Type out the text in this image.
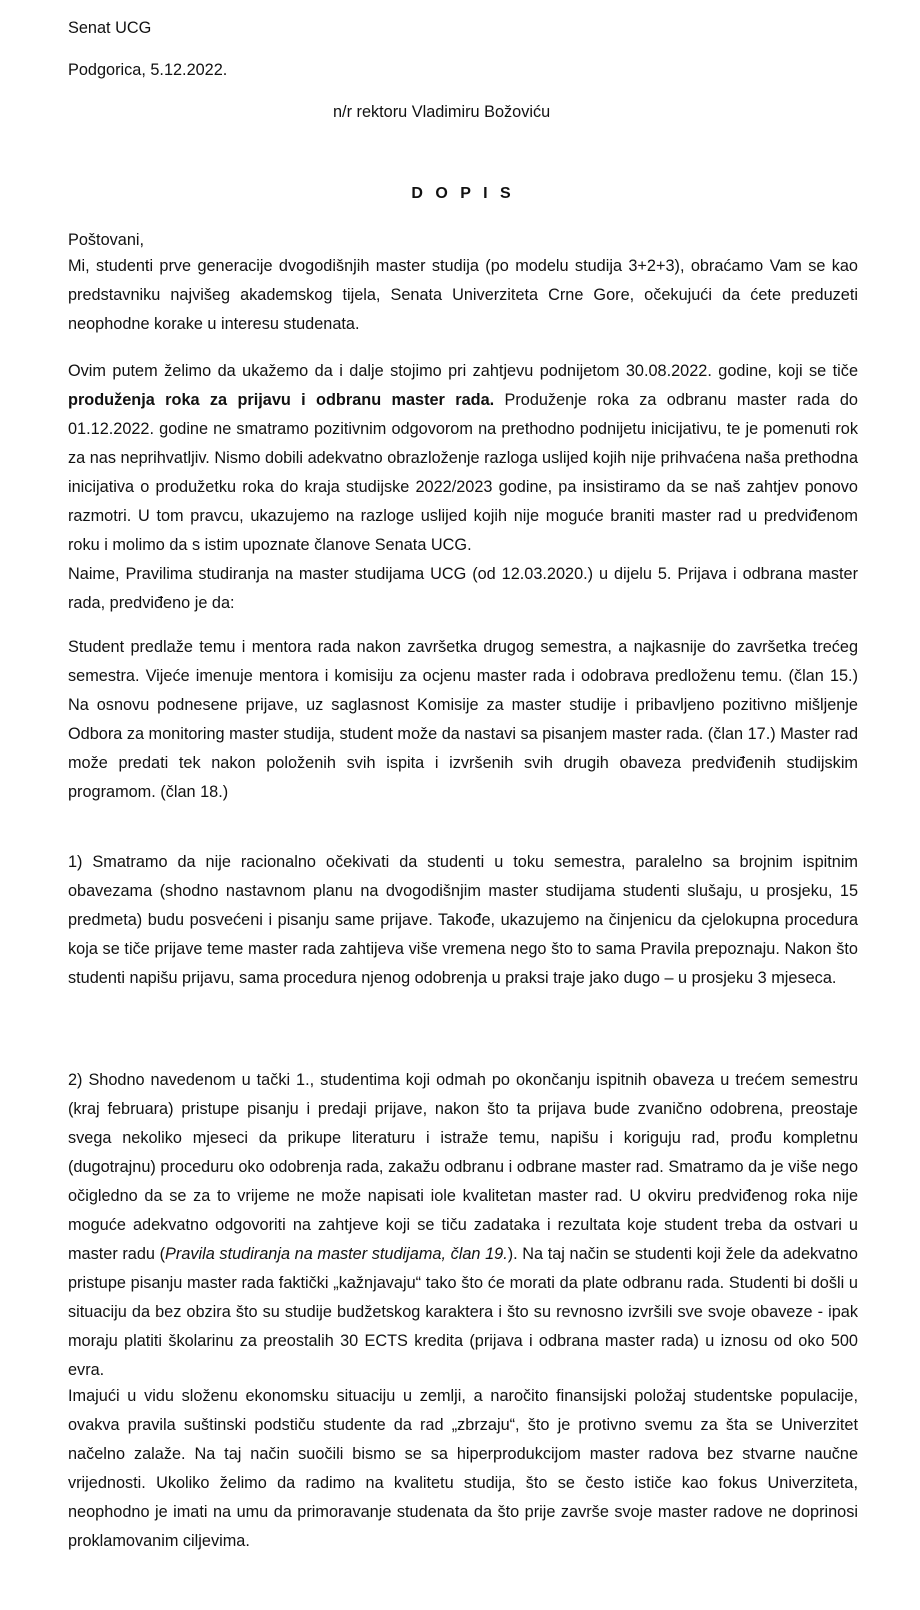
Senat UCG
Podgorica, 5.12.2022.
n/r rektoru Vladimiru Božoviću
D O P I S
Poštovani,

Mi, studenti prve generacije dvogodišnjih master studija (po modelu studija 3+2+3), obraćamo Vam se kao predstavniku najvišeg akademskog tijela, Senata Univerziteta Crne Gore, očekujući da ćete preduzeti neophodne korake u interesu studenata.

Ovim putem želimo da ukažemo da i dalje stojimo pri zahtjevu podnijetom 30.08.2022. godine, koji se tiče produženja roka za prijavu i odbranu master rada. Produženje roka za odbranu master rada do 01.12.2022. godine ne smatramo pozitivnim odgovorom na prethodno podnijetu inicijativu, te je pomenuti rok za nas neprihvatljiv. Nismo dobili adekvatno obrazloženje razloga uslijed kojih nije prihvaćena naša prethodna inicijativa o produžetku roka do kraja studijske 2022/2023 godine, pa insistiramo da se naš zahtjev ponovo razmotri. U tom pravcu, ukazujemo na razloge uslijed kojih nije moguće braniti master rad u predviđenom roku i molimo da s istim upoznate članove Senata UCG.

Naime, Pravilima studiranja na master studijama UCG (od 12.03.2020.) u dijelu 5. Prijava i odbrana master rada, predviđeno je da:

Student predlaže temu i mentora rada nakon završetka drugog semestra, a najkasnije do završetka trećeg semestra. Vijeće imenuje mentora i komisiju za ocjenu master rada i odobrava predloženu temu. (član 15.) Na osnovu podnesene prijave, uz saglasnost Komisije za master studije i pribavljeno pozitivno mišljenje Odbora za monitoring master studija, student može da nastavi sa pisanjem master rada. (član 17.) Master rad može predati tek nakon položenih svih ispita i izvršenih svih drugih obaveza predviđenih studijskim programom. (član 18.)

1) Smatramo da nije racionalno očekivati da studenti u toku semestra, paralelno sa brojnim ispitnim obavezama (shodno nastavnom planu na dvogodišnjim master studijama studenti slušaju, u prosjeku, 15 predmeta) budu posvećeni i pisanju same prijave. Takođe, ukazujemo na činjenicu da cjelokupna procedura koja se tiče prijave teme master rada zahtijeva više vremena nego što to sama Pravila prepoznaju. Nakon što studenti napišu prijavu, sama procedura njenog odobrenja u praksi traje jako dugo – u prosjeku 3 mjeseca.

2) Shodno navedenom u tački 1., studentima koji odmah po okončanju ispitnih obaveza u trećem semestru (kraj februara) pristupe pisanju i predaji prijave, nakon što ta prijava bude zvanično odobrena, preostaje svega nekoliko mjeseci da prikupe literaturu i istraže temu, napišu i koriguju rad, prođu kompletnu (dugotrajnu) proceduru oko odobrenja rada, zakažu odbranu i odbrane master rad. Smatramo da je više nego očigledno da se za to vrijeme ne može napisati iole kvalitetan master rad. U okviru predviđenog roka nije moguće adekvatno odgovoriti na zahtjeve koji se tiču zadataka i rezultata koje student treba da ostvari u master radu (Pravila studiranja na master studijama, član 19.). Na taj način se studenti koji žele da adekvatno pristupe pisanju master rada faktički „kažnjavaju“ tako što će morati da plate odbranu rada. Studenti bi došli u situaciju da bez obzira što su studije budžetskog karaktera i što su revnosno izvršili sve svoje obaveze - ipak moraju platiti školarinu za preostalih 30 ECTS kredita (prijava i odbrana master rada) u iznosu od oko 500 evra.

Imajući u vidu složenu ekonomsku situaciju u zemlji, a naročito finansijski položaj studentske populacije, ovakva pravila suštinski podstiču studente da rad „zbrzaju“, što je protivno svemu za šta se Univerzitet načelno zalaže. Na taj način suočili bismo se sa hiperprodukcijom master radova bez stvarne naučne vrijednosti. Ukoliko želimo da radimo na kvalitetu studija, što se često ističe kao fokus Univerziteta, neophodno je imati na umu da primoravanje studenata da što prije završe svoje master radove ne doprinosi proklamovanim ciljevima.
